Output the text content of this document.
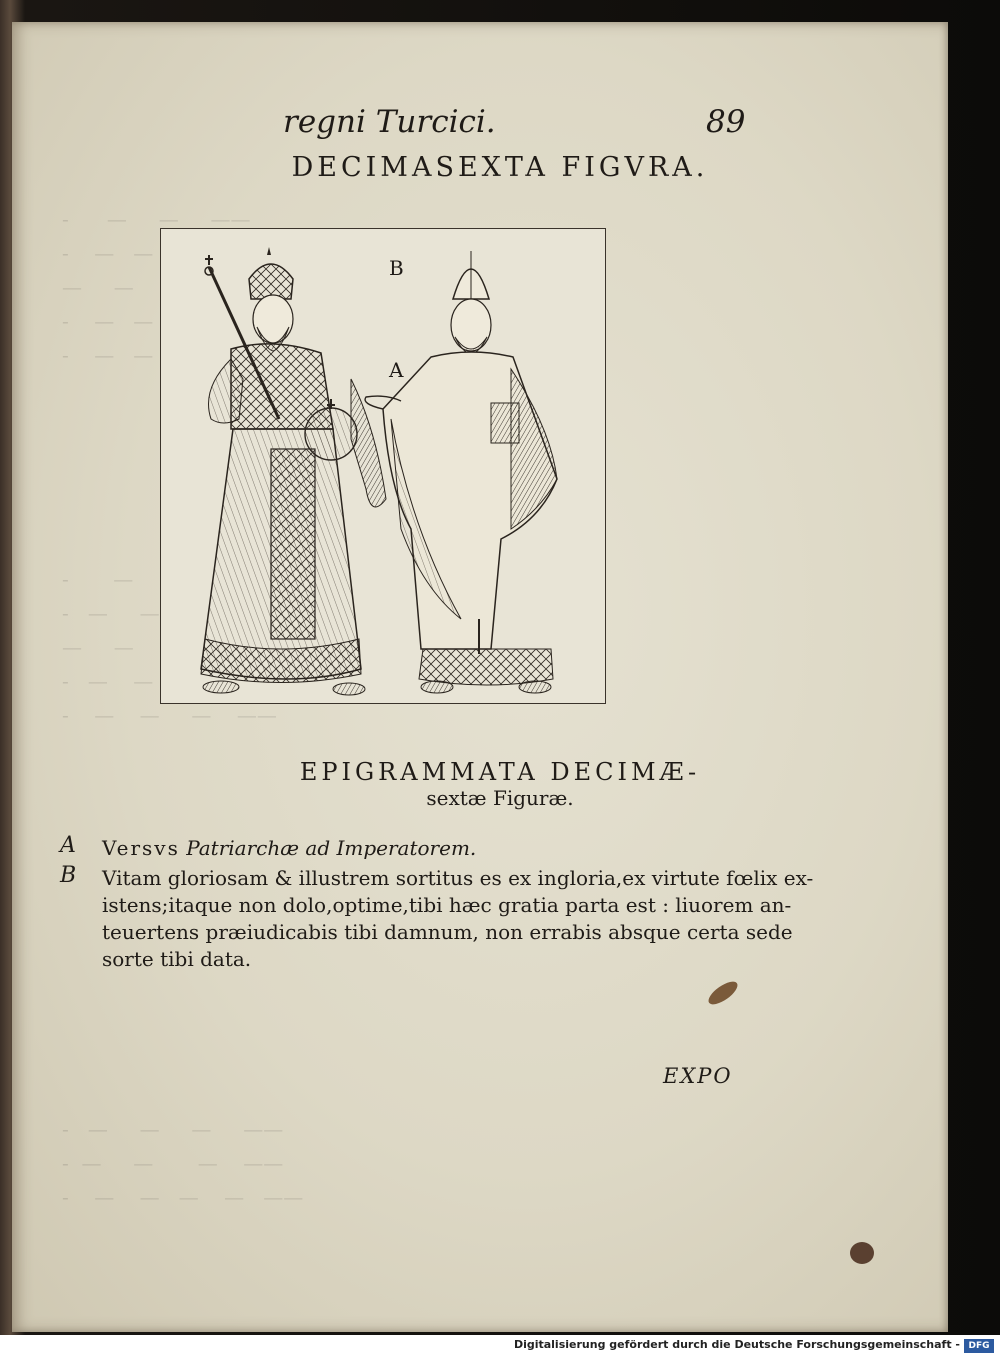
-      —     —     ——
-    —   —
—     —
-    —   —
-    —   —
-       —
-   —     —
—     —
-   —    —
-    —    —     —    ——
-   —     —     —     ——
-  —     —       —    ——
-    —    —   —    —   ——
regni Turcici.	89
DECIMASEXTA FIGVRA.
B
A
EPIGRAMMATA DECIMÆ-
sextæ Figuræ.
A Versvs Patriarchæ ad Imperatorem.
B Vitam gloriosam & illustrem sortitus es ex ingloria,ex virtute fœlix ex-
istens;itaque non dolo,optime,tibi hæc gratia parta est : liuorem an-
teuertens præiudicabis tibi damnum, non errabis absque certa sede
sorte tibi data.
EXPO
Digitalisierung gefördert durch die Deutsche Forschungsgemeinschaft - DFG
